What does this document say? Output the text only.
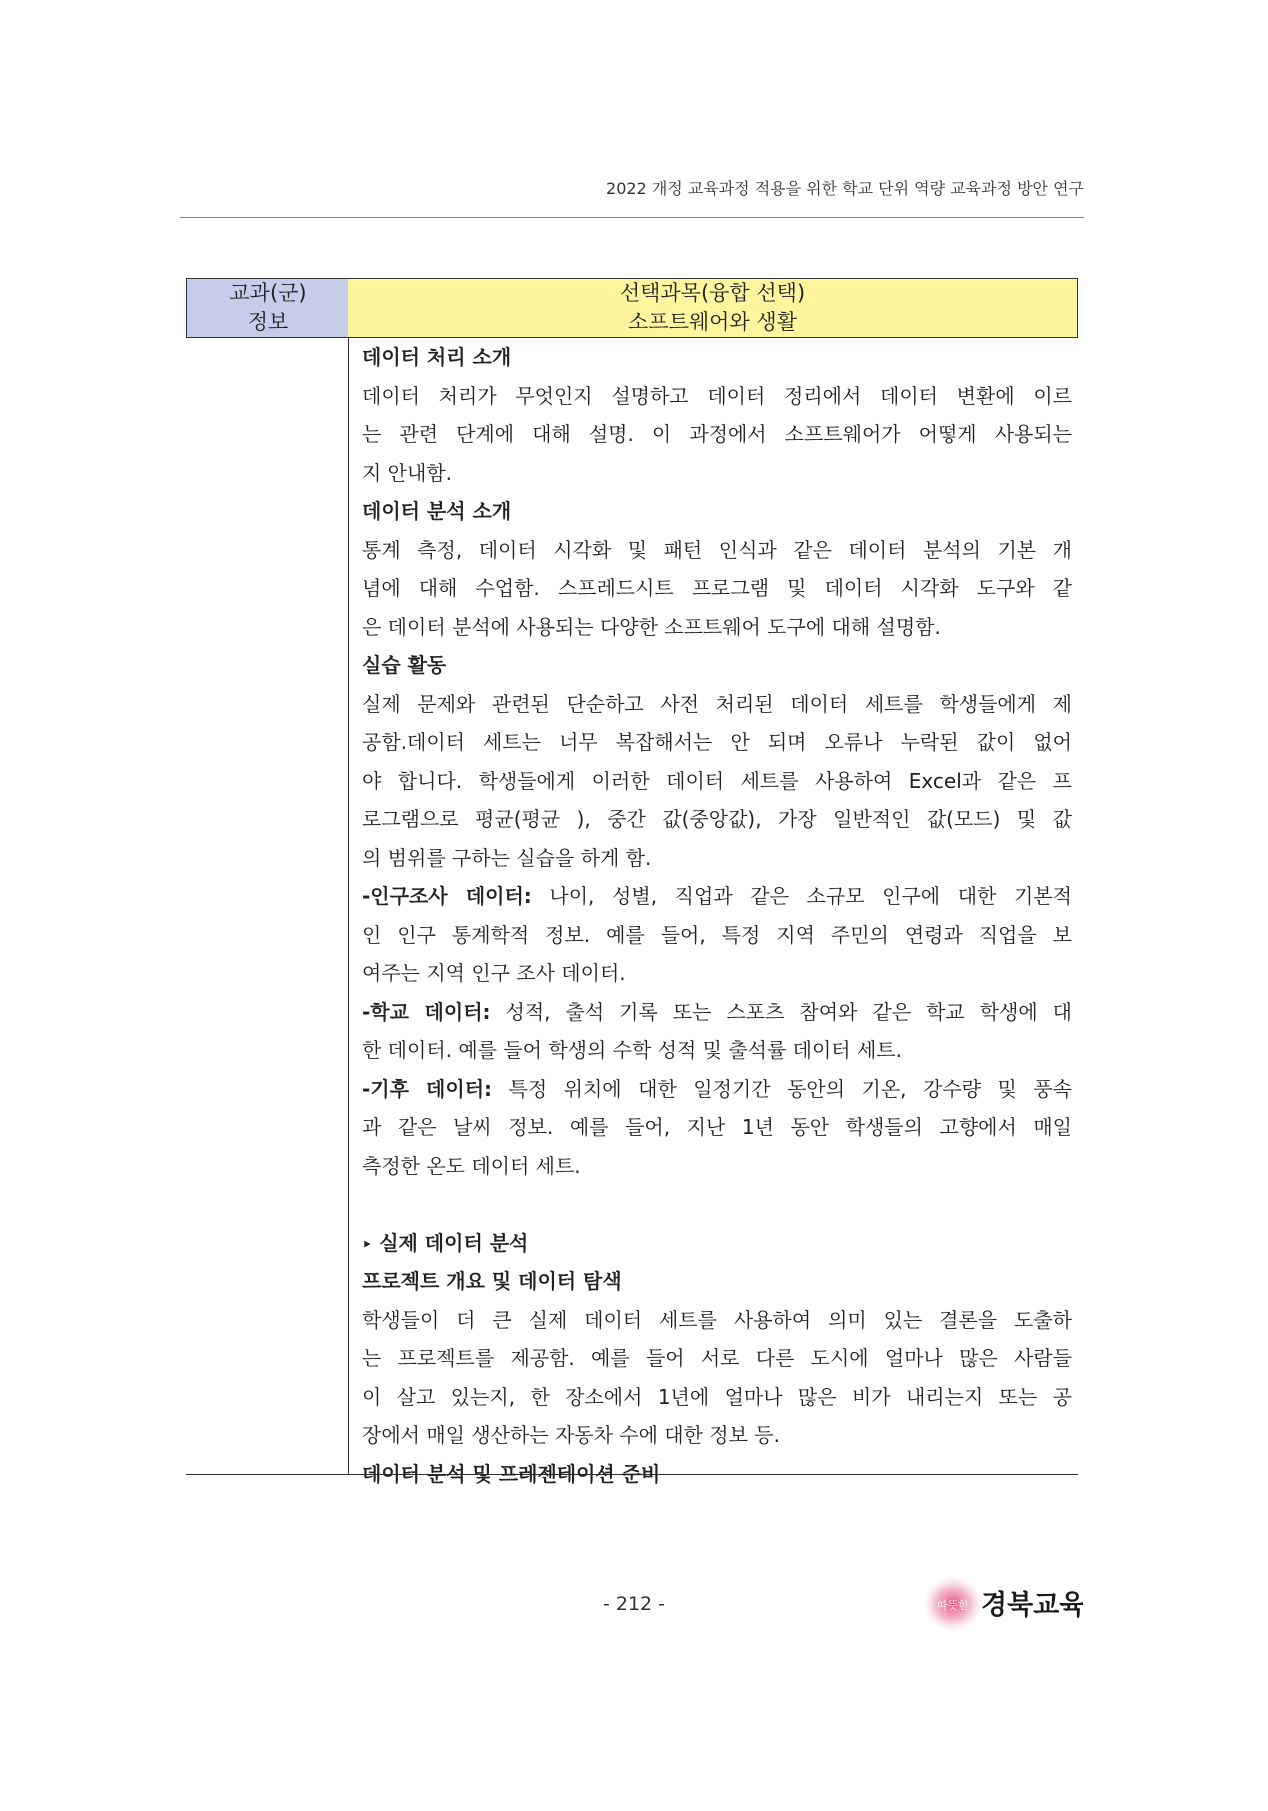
2022 개정 교육과정 적용을 위한 학교 단위 역량 교육과정 방안 연구
교과(군)	선택과목(융합 선택)
정보	소프트웨어와 생활
데이터 처리 소개
데이터 처리가 무엇인지 설명하고 데이터 정리에서 데이터 변환에 이르
는 관련 단계에 대해 설명. 이 과정에서 소프트웨어가 어떻게 사용되는
지 안내함.
데이터 분석 소개
통계 측정, 데이터 시각화 및 패턴 인식과 같은 데이터 분석의 기본 개
념에 대해 수업함. 스프레드시트 프로그램 및 데이터 시각화 도구와 같
은 데이터 분석에 사용되는 다양한 소프트웨어 도구에 대해 설명함.
실습 활동
실제 문제와 관련된 단순하고 사전 처리된 데이터 세트를 학생들에게 제
공함.데이터 세트는 너무 복잡해서는 안 되며 오류나 누락된 값이 없어
야 합니다. 학생들에게 이러한 데이터 세트를 사용하여 Excel과 같은 프
로그램으로 평균(평균 ), 중간 값(중앙값), 가장 일반적인 값(모드) 및 값
의 범위를 구하는 실습을 하게 함.
-인구조사 데이터: 나이, 성별, 직업과 같은 소규모 인구에 대한 기본적
인 인구 통계학적 정보. 예를 들어, 특정 지역 주민의 연령과 직업을 보
여주는 지역 인구 조사 데이터.
-학교 데이터: 성적, 출석 기록 또는 스포츠 참여와 같은 학교 학생에 대
한 데이터. 예를 들어 학생의 수학 성적 및 출석률 데이터 세트.
-기후 데이터: 특정 위치에 대한 일정기간 동안의 기온, 강수량 및 풍속
과 같은 날씨 정보. 예를 들어, 지난 1년 동안 학생들의 고향에서 매일
측정한 온도 데이터 세트.
‣ 실제 데이터 분석
프로젝트 개요 및 데이터 탐색
학생들이 더 큰 실제 데이터 세트를 사용하여 의미 있는 결론을 도출하
는 프로젝트를 제공함. 예를 들어 서로 다른 도시에 얼마나 많은 사람들
이 살고 있는지, 한 장소에서 1년에 얼마나 많은 비가 내리는지 또는 공
장에서 매일 생산하는 자동차 수에 대한 정보 등.
데이터 분석 및 프레젠테이션 준비
- 212 -	따뜻한 경북교육
